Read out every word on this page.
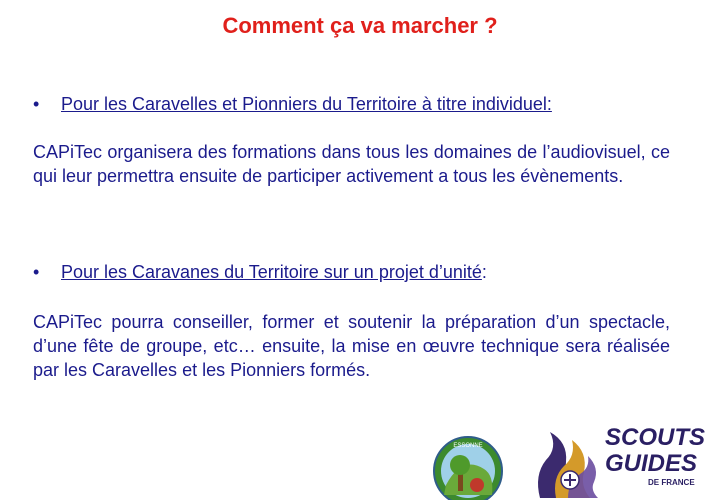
Comment ça va marcher ?
• Pour les Caravelles et Pionniers du Territoire à titre individuel:

CAPiTec organisera des formations dans tous les domaines de l’audiovisuel, ce qui leur permettra ensuite de participer activement a tous les évènements.

• Pour les Caravanes du Territoire sur un projet d’unité:

CAPiTec pourra conseiller, former et soutenir la préparation d’un spectacle, d’une fête de groupe, etc… ensuite, la mise en œuvre technique sera réalisée par les Caravelles et les Pionniers formés.

ESSONNE	SCOUTS
GUIDES
DE FRANCE
